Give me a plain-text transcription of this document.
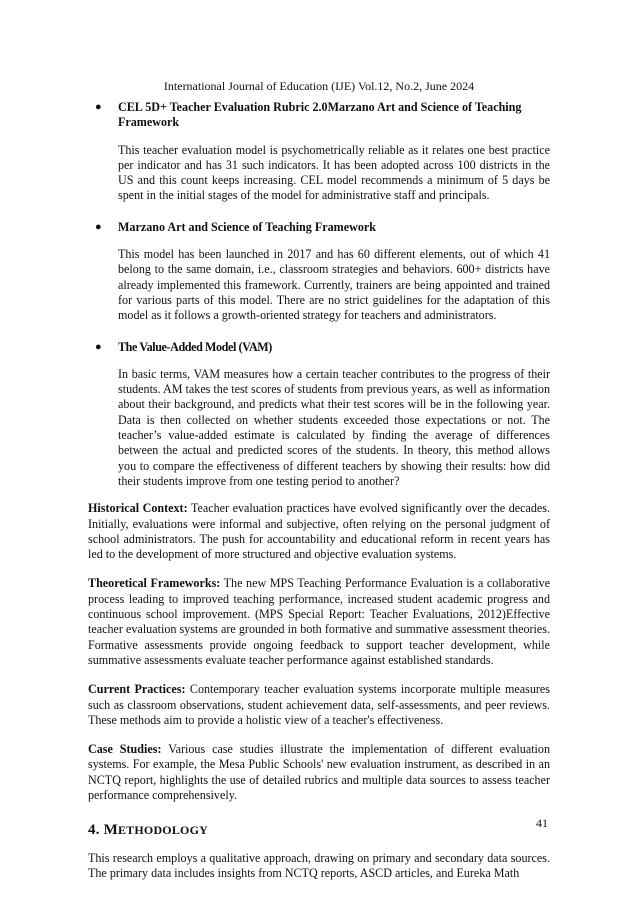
International Journal of Education (IJE) Vol.12, No.2, June 2024
● CEL 5D+ Teacher Evaluation Rubric 2.0Marzano Art and Science of Teaching Framework
This teacher evaluation model is psychometrically reliable as it relates one best practice per indicator and has 31 such indicators. It has been adopted across 100 districts in the US and this count keeps increasing. CEL model recommends a minimum of 5 days be spent in the initial stages of the model for administrative staff and principals.
● Marzano Art and Science of Teaching Framework
This model has been launched in 2017 and has 60 different elements, out of which 41 belong to the same domain, i.e., classroom strategies and behaviors. 600+ districts have already implemented this framework. Currently, trainers are being appointed and trained for various parts of this model. There are no strict guidelines for the adaptation of this model as it follows a growth-oriented strategy for teachers and administrators.
● The Value-Added Model (VAM)
In basic terms, VAM measures how a certain teacher contributes to the progress of their students. AM takes the test scores of students from previous years, as well as information about their background, and predicts what their test scores will be in the following year. Data is then collected on whether students exceeded those expectations or not. The teacher’s value-added estimate is calculated by finding the average of differences between the actual and predicted scores of the students. In theory, this method allows you to compare the effectiveness of different teachers by showing their results: how did their students improve from one testing period to another?

Historical Context: Teacher evaluation practices have evolved significantly over the decades. Initially, evaluations were informal and subjective, often relying on the personal judgment of school administrators. The push for accountability and educational reform in recent years has led to the development of more structured and objective evaluation systems.

Theoretical Frameworks: The new MPS Teaching Performance Evaluation is a collaborative process leading to improved teaching performance, increased student academic progress and continuous school improvement. (MPS Special Report: Teacher Evaluations, 2012)Effective teacher evaluation systems are grounded in both formative and summative assessment theories. Formative assessments provide ongoing feedback to support teacher development, while summative assessments evaluate teacher performance against established standards.

Current Practices: Contemporary teacher evaluation systems incorporate multiple measures such as classroom observations, student achievement data, self-assessments, and peer reviews. These methods aim to provide a holistic view of a teacher's effectiveness.

Case Studies: Various case studies illustrate the implementation of different evaluation systems. For example, the Mesa Public Schools' new evaluation instrument, as described in an NCTQ report, highlights the use of detailed rubrics and multiple data sources to assess teacher performance comprehensively.

4. METHODOLOGY

This research employs a qualitative approach, drawing on primary and secondary data sources. The primary data includes insights from NCTQ reports, ASCD articles, and Eureka Math

41
